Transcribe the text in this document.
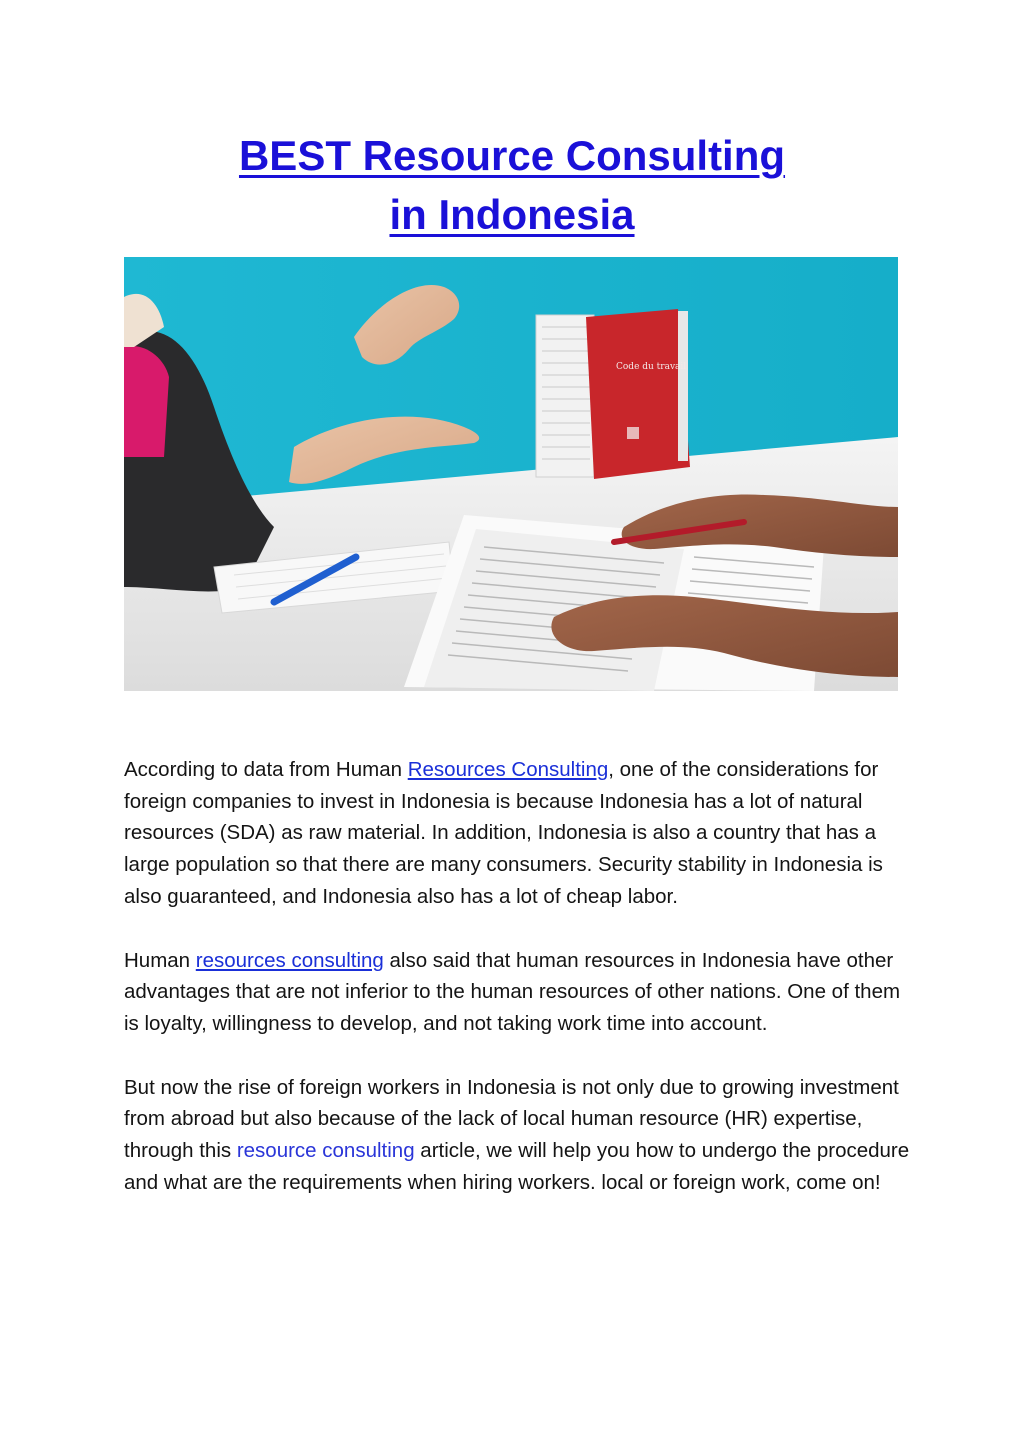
BEST Resource Consulting
in Indonesia
Code du travail

According to data from Human Resources Consulting, one of the considerations for foreign companies to invest in Indonesia is because Indonesia has a lot of natural resources (SDA) as raw material. In addition, Indonesia is also a country that has a large population so that there are many consumers. Security stability in Indonesia is also guaranteed, and Indonesia also has a lot of cheap labor.

Human resources consulting also said that human resources in Indonesia have other advantages that are not inferior to the human resources of other nations. One of them is loyalty, willingness to develop, and not taking work time into account.

But now the rise of foreign workers in Indonesia is not only due to growing investment from abroad but also because of the lack of local human resource (HR) expertise, through this resource consulting article, we will help you how to undergo the procedure and what are the requirements when hiring workers. local or foreign work, come on!
